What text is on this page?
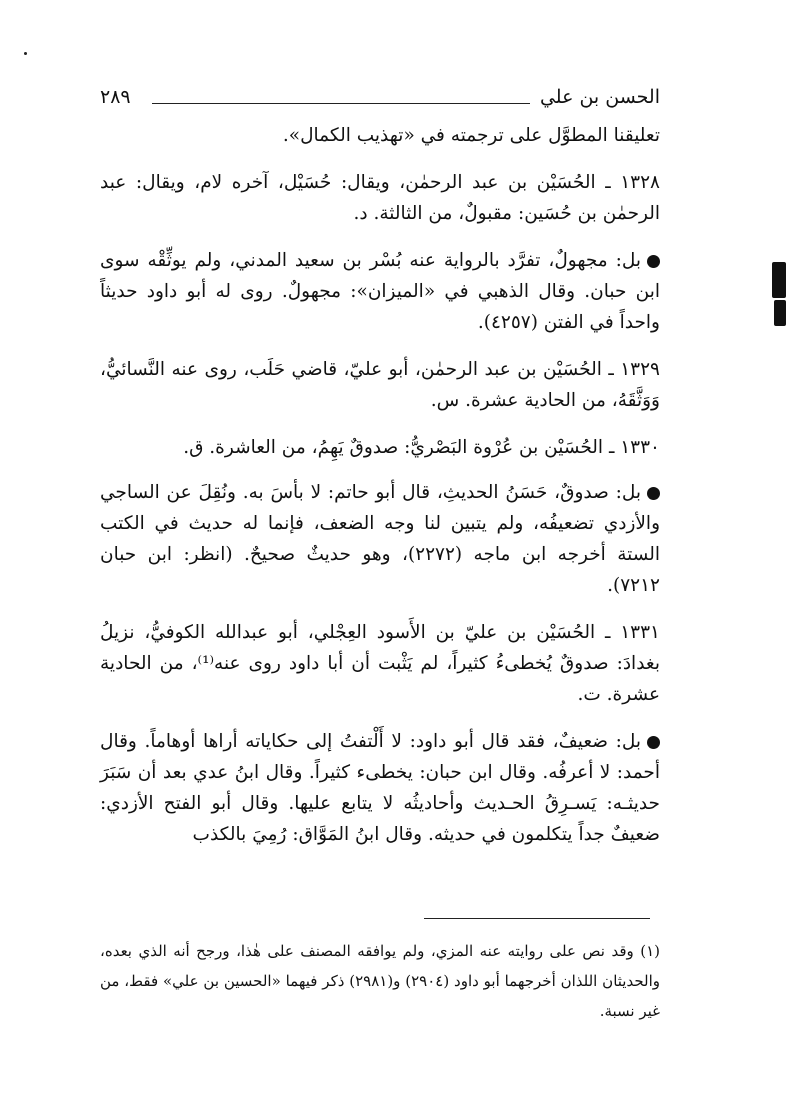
الحسن بن علي
٢٨٩

تعليقنا المطوَّل على ترجمته في «تهذيب الكمال».

١٣٢٨ ـ الحُسَيْن بن عبد الرحمٰن، ويقال: حُسَيْل، آخره لام، ويقال: عبد الرحمٰن بن حُسَين: مقبولٌ، من الثالثة. د.

بل: مجهولٌ، تفرَّد بالرواية عنه بُسْر بن سعيد المدني، ولم يوثِّقْه سوى ابن حبان. وقال الذهبي في «الميزان»: مجهولٌ. روى له أبو داود حديثاً واحداً في الفتن (٤٢٥٧).

١٣٢٩ ـ الحُسَيْن بن عبد الرحمٰن، أبو عليّ، قاضي حَلَب، روى عنه النَّسائيُّ، وَوَثَّقَهُ، من الحادية عشرة. س.

١٣٣٠ ـ الحُسَيْن بن عُرْوة البَصْريُّ: صدوقٌ يَهِمُ، من العاشرة. ق.

بل: صدوقٌ، حَسَنُ الحديثِ، قال أبو حاتم: لا بأسَ به. ونُقِلَ عن الساجي والأزدي تضعيفُه، ولم يتبين لنا وجه الضعف، فإنما له حديث في الكتب الستة أخرجه ابن ماجه (٢٢٧٢)، وهو حديثٌ صحيحٌ. (انظر: ابن حبان ٧٢١٢).

١٣٣١ ـ الحُسَيْن بن عليّ بن الأَسود العِجْلي، أبو عبدالله الكوفيُّ، نزيلُ بغدادَ: صدوقٌ يُخطىءُ كثيراً، لم يَثْبت أن أبا داود روى عنه⁽¹⁾، من الحادية عشرة. ت.

بل: ضعيفٌ، فقد قال أبو داود: لا أَلْتفتُ إلى حكاياته أراها أوهاماً. وقال أحمد: لا أعرفُه. وقال ابن حبان: يخطىء كثيراً. وقال ابنُ عدي بعد أن سَبَرَ حديثـه: يَسـرِقُ الحـديث وأحاديثُه لا يتابع عليها. وقال أبو الفتح الأزدي: ضعيفٌ جداً يتكلمون في حديثه. وقال ابنُ المَوَّاق: رُمِيَ بالكذب

(١) وقد نص على روايته عنه المزي، ولم يوافقه المصنف على هٰذا، ورجح أنه الذي بعده، والحديثان اللذان أخرجهما أبو داود (٢٩٠٤) و(٢٩٨١) ذكر فيهما «الحسين بن علي» فقط، من غير نسبة.
